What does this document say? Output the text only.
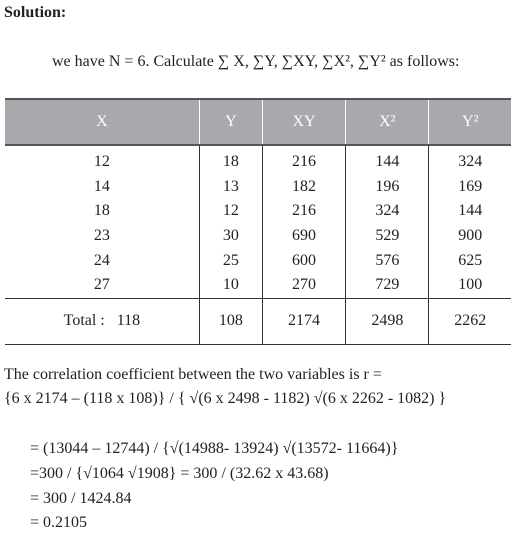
Solution:
we have N = 6. Calculate ∑ X, ∑Y, ∑XY, ∑X², ∑Y² as follows:
X	Y	XY	X²	Y²
12	18	216	144	324
14	13	182	196	169
18	12	216	324	144
23	30	690	529	900
24	25	600	576	625
27	10	270	729	100
Total :   118	108	2174	2498	2262
The correlation coefficient between the two variables is r =
{6 x 2174 – (118 x 108)} / { √(6 x 2498 - 1182) √(6 x 2262 - 1082) }
= (13044 – 12744) / {√(14988- 13924) √(13572- 11664)}
=300 / {√1064 √1908} = 300 / (32.62 x 43.68)
= 300 / 1424.84
= 0.2105
